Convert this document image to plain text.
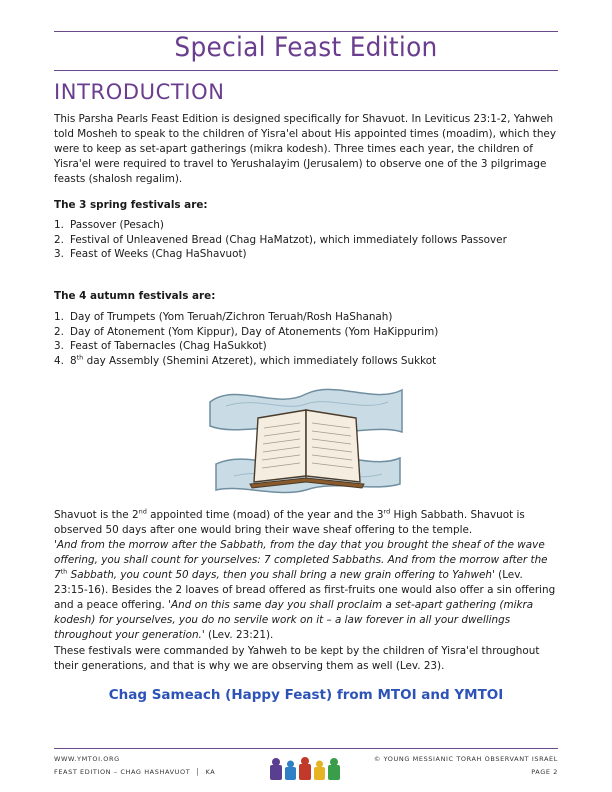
Special Feast Edition
INTRODUCTION

This Parsha Pearls Feast Edition is designed specifically for Shavuot. In Leviticus 23:1-2, Yahweh told Mosheh to speak to the children of Yisra'el about His appointed times (moadim), which they were to keep as set-apart gatherings (mikra kodesh). Three times each year, the children of Yisra'el were required to travel to Yerushalayim (Jerusalem) to observe one of the 3 pilgrimage feasts (shalosh regalim).

The 3 spring festivals are:

1. Passover (Pesach)
2. Festival of Unleavened Bread (Chag HaMatzot), which immediately follows Passover
3. Feast of Weeks (Chag HaShavuot)

The 4 autumn festivals are:

1. Day of Trumpets (Yom Teruah/Zichron Teruah/Rosh HaShanah)
2. Day of Atonement (Yom Kippur), Day of Atonements (Yom HaKippurim)
3. Feast of Tabernacles (Chag HaSukkot)
4. 8th day Assembly (Shemini Atzeret), which immediately follows Sukkot

Shavuot is the 2nd appointed time (moad) of the year and the 3rd High Sabbath. Shavuot is observed 50 days after one would bring their wave sheaf offering to the temple.
'And from the morrow after the Sabbath, from the day that you brought the sheaf of the wave offering, you shall count for yourselves: 7 completed Sabbaths. And from the morrow after the 7th Sabbath, you count 50 days, then you shall bring a new grain offering to Yahweh' (Lev. 23:15-16). Besides the 2 loaves of bread offered as first-fruits one would also offer a sin offering and a peace offering. 'And on this same day you shall proclaim a set-apart gathering (mikra kodesh) for yourselves, you do no servile work on it – a law forever in all your dwellings throughout your generation.' (Lev. 23:21).

These festivals were commanded by Yahweh to be kept by the children of Yisra'el throughout their generations, and that is why we are observing them as well (Lev. 23).

Chag Sameach (Happy Feast) from MTOI and YMTOI
WWW.YMTOI.ORG
FEAST EDITION – CHAG HASHAVUOT  │  KA
© YOUNG MESSIANIC TORAH OBSERVANT ISRAEL
PAGE 2
